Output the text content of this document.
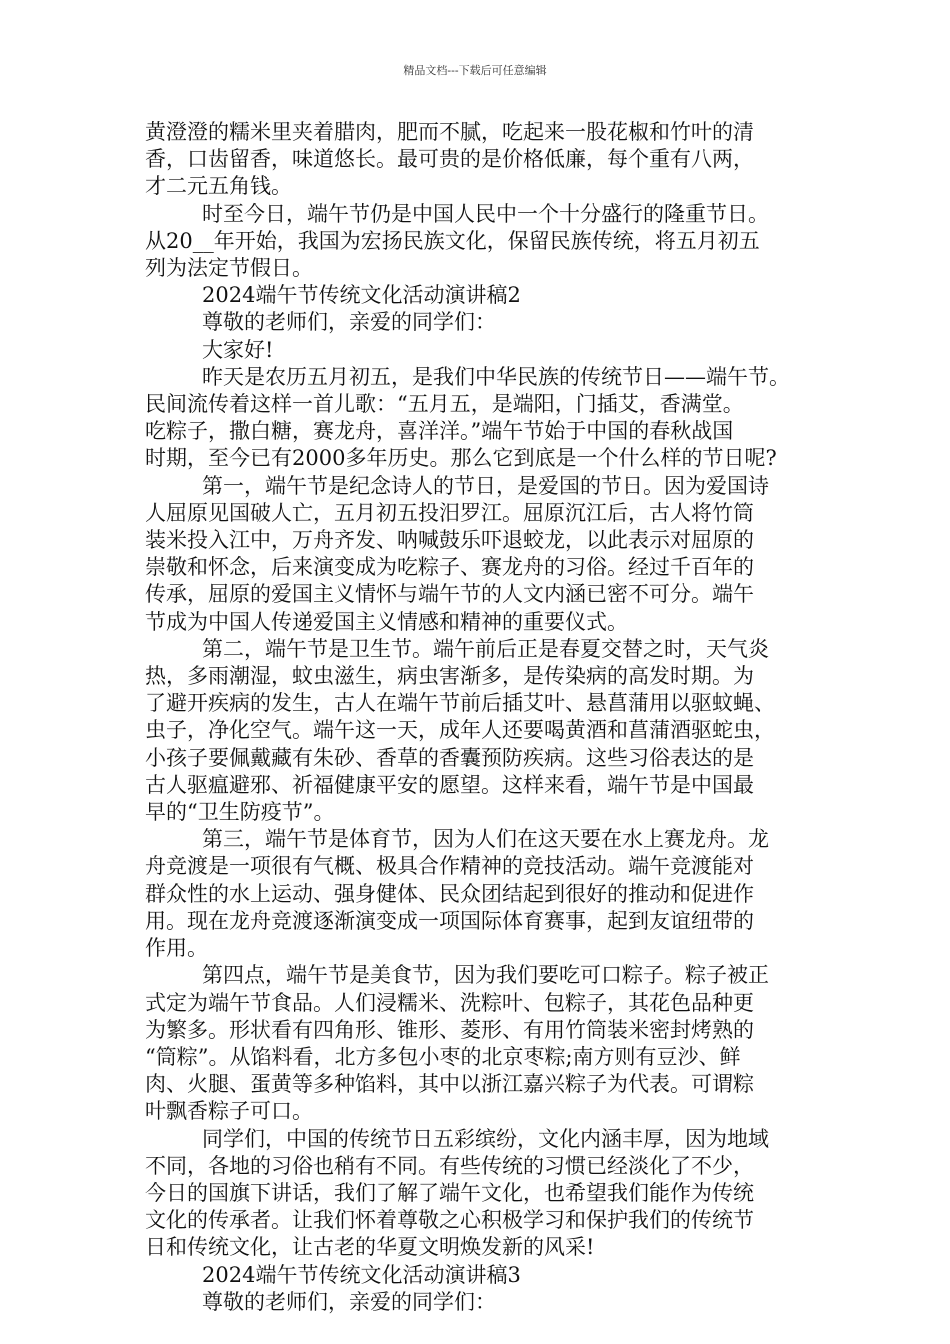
精品文档---下载后可任意编辑

黄澄澄的糯米里夹着腊肉，肥而不腻，吃起来一股花椒和竹叶的清

香，口齿留香，味道悠长。最可贵的是价格低廉，每个重有八两，

才二元五角钱。

时至今日，端午节仍是中国人民中一个十分盛行的隆重节日。

从20__年开始，我国为宏扬民族文化，保留民族传统，将五月初五

列为法定节假日。

2024端午节传统文化活动演讲稿2

尊敬的老师们，亲爱的同学们：

大家好!

昨天是农历五月初五，是我们中华民族的传统节日——端午节。

民间流传着这样一首儿歌：“五月五，是端阳，门插艾，香满堂。

吃粽子，撒白糖，赛龙舟，喜洋洋。”端午节始于中国的春秋战国

时期，至今已有2000多年历史。那么它到底是一个什么样的节日呢?

第一，端午节是纪念诗人的节日，是爱国的节日。因为爱国诗

人屈原见国破人亡，五月初五投汨罗江。屈原沉江后，古人将竹筒

装米投入江中，万舟齐发、呐喊鼓乐吓退蛟龙，以此表示对屈原的

崇敬和怀念，后来演变成为吃粽子、赛龙舟的习俗。经过千百年的

传承，屈原的爱国主义情怀与端午节的人文内涵已密不可分。端午

节成为中国人传递爱国主义情感和精神的重要仪式。

第二，端午节是卫生节。端午前后正是春夏交替之时，天气炎

热，多雨潮湿，蚊虫滋生，病虫害渐多，是传染病的高发时期。为

了避开疾病的发生，古人在端午节前后插艾叶、悬菖蒲用以驱蚊蝇、

虫子，净化空气。端午这一天，成年人还要喝黄酒和菖蒲酒驱蛇虫，

小孩子要佩戴藏有朱砂、香草的香囊预防疾病。这些习俗表达的是

古人驱瘟避邪、祈福健康平安的愿望。这样来看，端午节是中国最

早的“卫生防疫节”。

第三，端午节是体育节，因为人们在这天要在水上赛龙舟。龙

舟竞渡是一项很有气概、极具合作精神的竞技活动。端午竞渡能对

群众性的水上运动、强身健体、民众团结起到很好的推动和促进作

用。现在龙舟竞渡逐渐演变成一项国际体育赛事，起到友谊纽带的

作用。

第四点，端午节是美食节，因为我们要吃可口粽子。粽子被正

式定为端午节食品。人们浸糯米、洗粽叶、包粽子，其花色品种更

为繁多。形状看有四角形、锥形、菱形、有用竹筒装米密封烤熟的

“筒粽”。从馅料看，北方多包小枣的北京枣粽;南方则有豆沙、鲜

肉、火腿、蛋黄等多种馅料，其中以浙江嘉兴粽子为代表。可谓粽

叶飘香粽子可口。

同学们，中国的传统节日五彩缤纷，文化内涵丰厚，因为地域

不同，各地的习俗也稍有不同。有些传统的习惯已经淡化了不少，

今日的国旗下讲话，我们了解了端午文化，也希望我们能作为传统

文化的传承者。让我们怀着尊敬之心积极学习和保护我们的传统节

日和传统文化，让古老的华夏文明焕发新的风采!

2024端午节传统文化活动演讲稿3

尊敬的老师们，亲爱的同学们：
